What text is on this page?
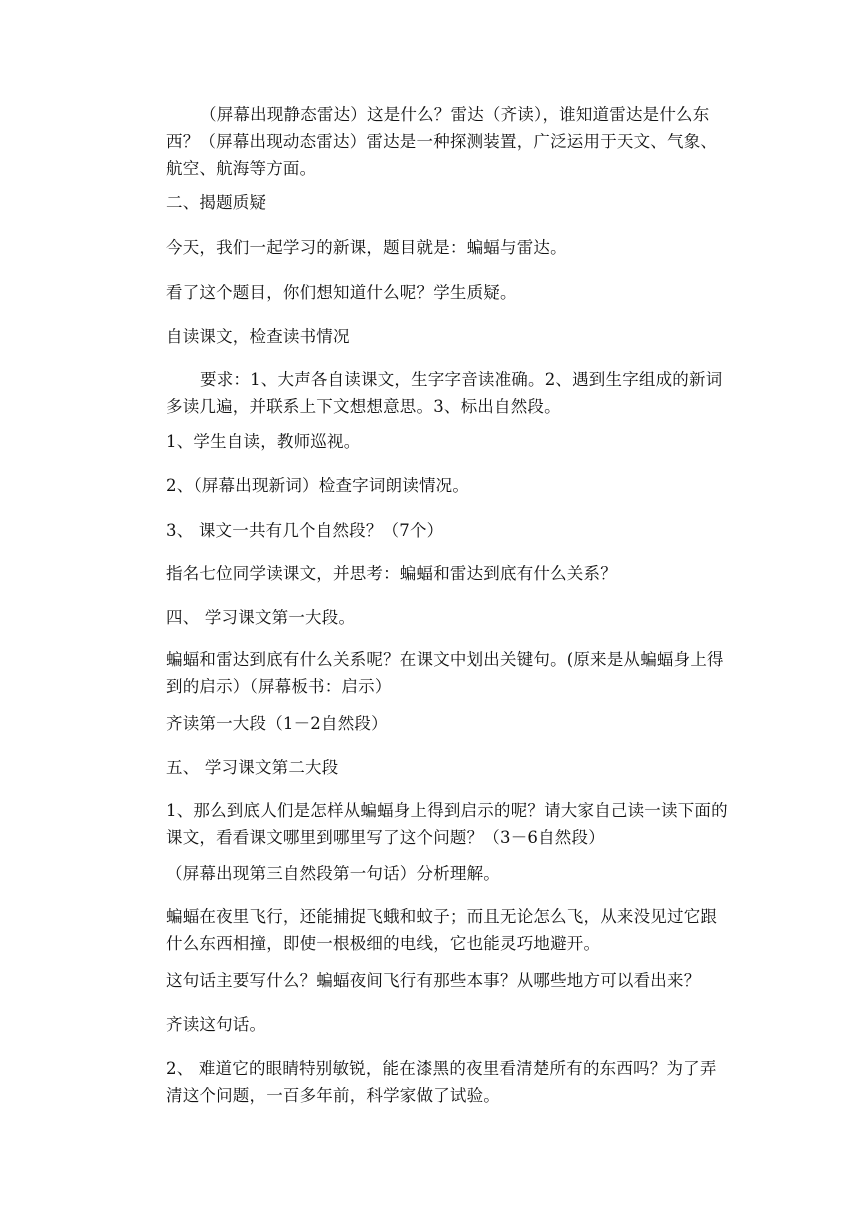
（屏幕出现静态雷达）这是什么？雷达（齐读），谁知道雷达是什么东西？（屏幕出现动态雷达）雷达是一种探测装置，广泛运用于天文、气象、航空、航海等方面。

二、揭题质疑

今天，我们一起学习的新课，题目就是：蝙蝠与雷达。

看了这个题目，你们想知道什么呢？学生质疑。

自读课文，检查读书情况

要求：1、大声各自读课文，生字字音读准确。2、遇到生字组成的新词多读几遍，并联系上下文想想意思。3、标出自然段。

1、学生自读，教师巡视。

2、（屏幕出现新词）检查字词朗读情况。

3、 课文一共有几个自然段？（7个）

指名七位同学读课文，并思考：蝙蝠和雷达到底有什么关系？

四、 学习课文第一大段。

蝙蝠和雷达到底有什么关系呢？在课文中划出关键句。(原来是从蝙蝠身上得到的启示）（屏幕板书：启示）

齐读第一大段（1－2自然段）

五、 学习课文第二大段

1、那么到底人们是怎样从蝙蝠身上得到启示的呢？请大家自己读一读下面的课文，看看课文哪里到哪里写了这个问题？（3－6自然段）

（屏幕出现第三自然段第一句话）分析理解。

蝙蝠在夜里飞行，还能捕捉飞蛾和蚊子；而且无论怎么飞，从来没见过它跟什么东西相撞，即使一根极细的电线，它也能灵巧地避开。

这句话主要写什么？蝙蝠夜间飞行有那些本事？从哪些地方可以看出来？

齐读这句话。

2、 难道它的眼睛特别敏锐，能在漆黑的夜里看清楚所有的东西吗？为了弄清这个问题，一百多年前，科学家做了试验。
